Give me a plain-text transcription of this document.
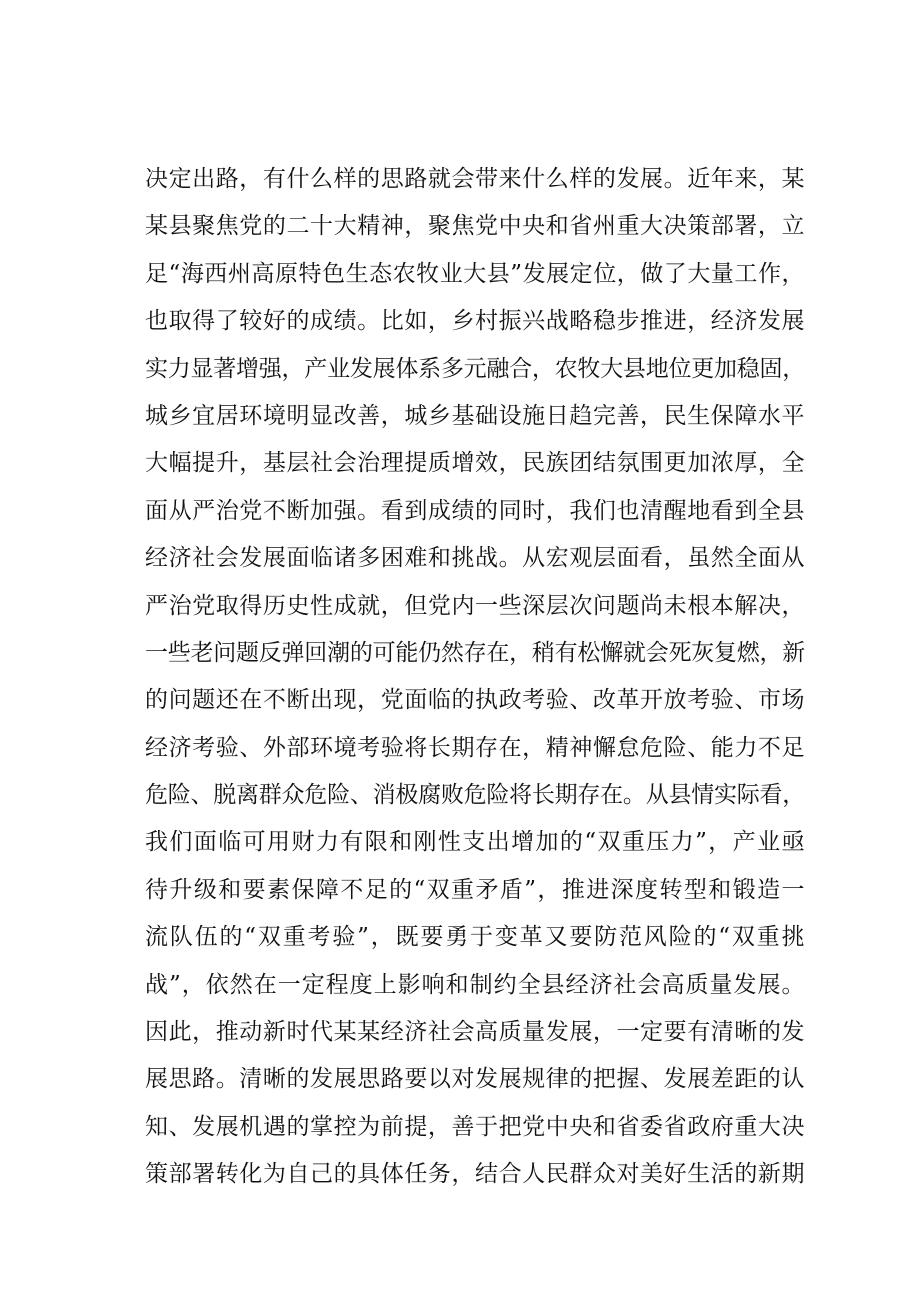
决定出路，有什么样的思路就会带来什么样的发展。近年来，某
某县聚焦党的二十大精神，聚焦党中央和省州重大决策部署，立
足“海西州高原特色生态农牧业大县”发展定位，做了大量工作，
也取得了较好的成绩。比如，乡村振兴战略稳步推进，经济发展
实力显著增强，产业发展体系多元融合，农牧大县地位更加稳固，
城乡宜居环境明显改善，城乡基础设施日趋完善，民生保障水平
大幅提升，基层社会治理提质增效，民族团结氛围更加浓厚，全
面从严治党不断加强。看到成绩的同时，我们也清醒地看到全县
经济社会发展面临诸多困难和挑战。从宏观层面看，虽然全面从
严治党取得历史性成就，但党内一些深层次问题尚未根本解决，
一些老问题反弹回潮的可能仍然存在，稍有松懈就会死灰复燃，新
的问题还在不断出现，党面临的执政考验、改革开放考验、市场
经济考验、外部环境考验将长期存在，精神懈怠危险、能力不足
危险、脱离群众危险、消极腐败危险将长期存在。从县情实际看，
我们面临可用财力有限和刚性支出增加的“双重压力”，产业亟
待升级和要素保障不足的“双重矛盾”，推进深度转型和锻造一
流队伍的“双重考验”，既要勇于变革又要防范风险的“双重挑
战”，依然在一定程度上影响和制约全县经济社会高质量发展。
因此，推动新时代某某经济社会高质量发展，一定要有清晰的发
展思路。清晰的发展思路要以对发展规律的把握、发展差距的认
知、发展机遇的掌控为前提，善于把党中央和省委省政府重大决
策部署转化为自己的具体任务，结合人民群众对美好生活的新期
